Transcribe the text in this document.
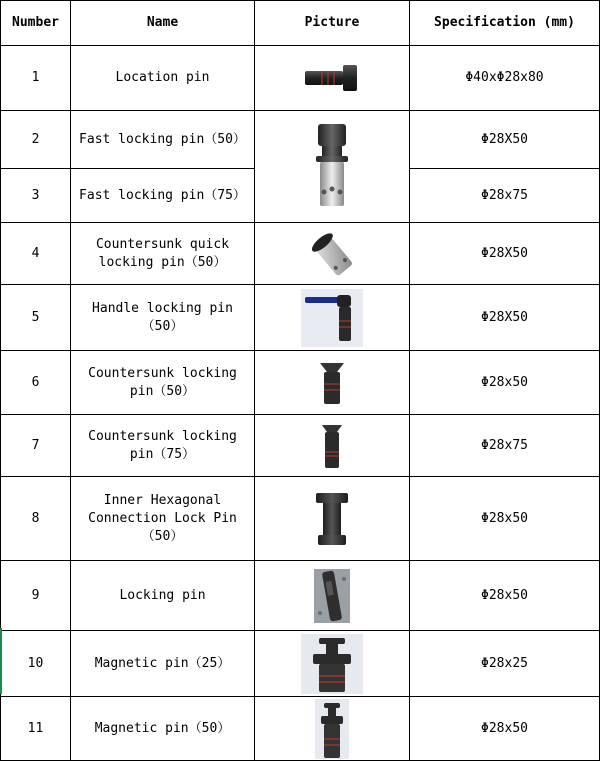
Number	Name	Picture	Specification (mm)
1	Location pin		Φ40xΦ28x80
2	Fast locking pin（50）		Φ28X50
3	Fast locking pin（75）		Φ28x75
4	Countersunk quick
locking pin（50）		Φ28X50
5	Handle locking pin
（50）		Φ28X50
6	Countersunk locking
pin（50）		Φ28x50
7	Countersunk locking
pin（75）		Φ28x75
8	Inner Hexagonal
Connection Lock Pin
（50）		Φ28x50
9	Locking pin		Φ28x50
10	Magnetic pin（25）		Φ28x25
11	Magnetic pin（50）		Φ28x50
